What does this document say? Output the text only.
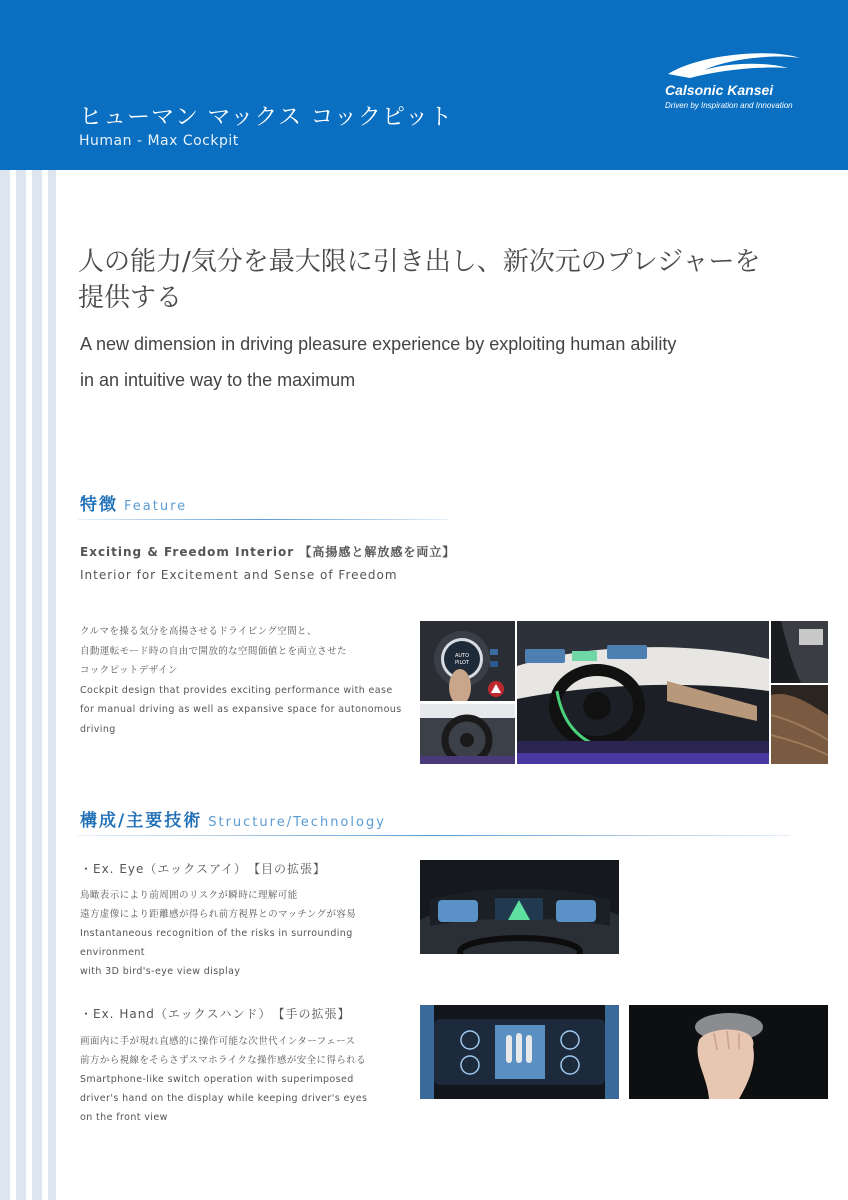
ヒューマン マックス コックピット
Human - Max Cockpit
Calsonic Kansei
Driven by Inspiration and Innovation
人の能力/気分を最大限に引き出し、新次元のプレジャーを
提供する
A new dimension in driving pleasure experience by exploiting human ability
in an intuitive way to the maximum
特徴 Feature
Exciting & Freedom Interior 【高揚感と解放感を両立】
Interior for Excitement and Sense of Freedom
クルマを操る気分を高揚させるドライビング空間と、
自動運転モード時の自由で開放的な空間価値とを両立させた
コックピットデザイン
Cockpit design that provides exciting performance with ease
for manual driving as well as expansive space for autonomous
driving
AUTO
PILOT
構成/主要技術 Structure/Technology
・Ex. Eye（エックスアイ）　【目の拡張】
鳥瞰表示により前周囲のリスクが瞬時に理解可能
遠方虚像により距離感が得られ前方視界とのマッチングが容易
Instantaneous recognition of the risks in surrounding environment
with 3D bird's-eye view display
・Ex. Hand（エックスハンド）　【手の拡張】
画面内に手が現れ直感的に操作可能な次世代インターフェース
前方から視線をそらさずスマホライクな操作感が安全に得られる
Smartphone-like switch operation with superimposed
driver's hand on the display while keeping driver's eyes
on the front view
